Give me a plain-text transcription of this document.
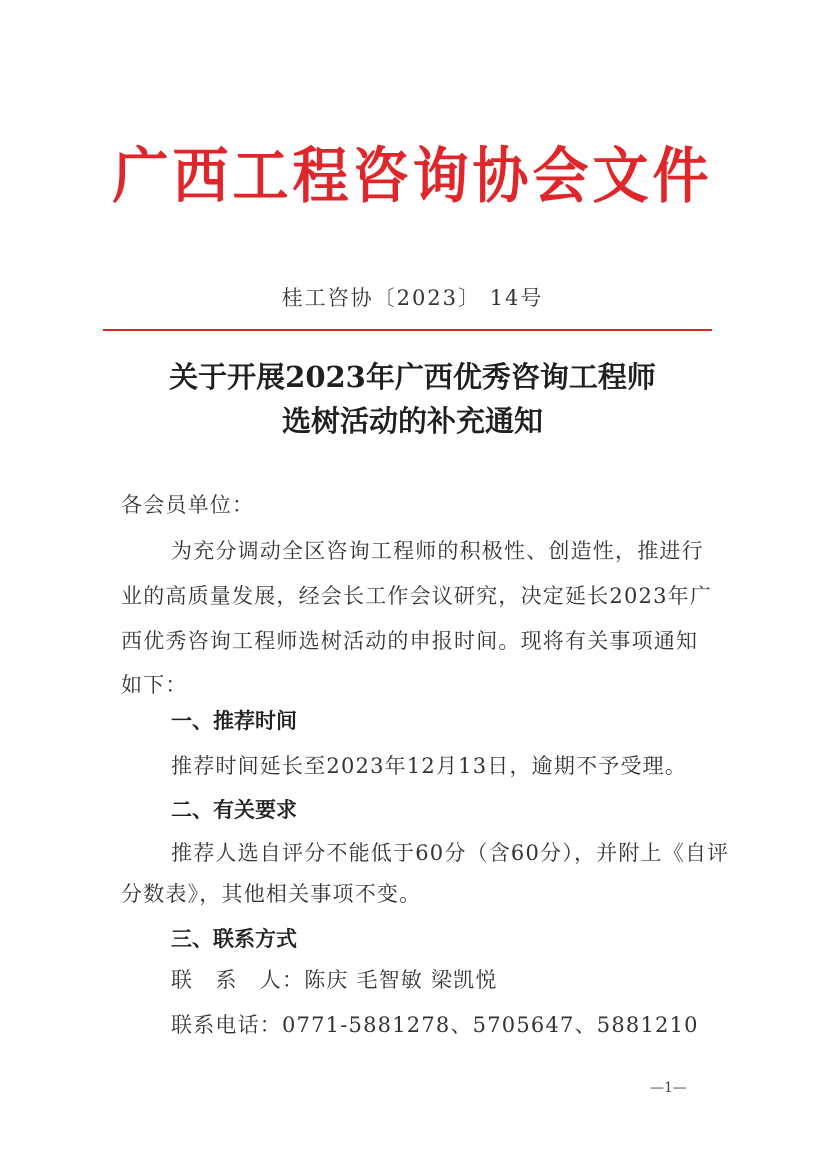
广西工程咨询协会文件
桂工咨协〔2023〕 14号
关于开展2023年广西优秀咨询工程师
选树活动的补充通知
各会员单位：
为充分调动全区咨询工程师的积极性、创造性，推进行
业的高质量发展，经会长工作会议研究，决定延长2023年广
西优秀咨询工程师选树活动的申报时间。现将有关事项通知
如下：
一、推荐时间
推荐时间延长至2023年12月13日，逾期不予受理。
二、有关要求
推荐人选自评分不能低于60分（含60分），并附上《自评
分数表》，其他相关事项不变。
三、联系方式
联　系　人：陈庆 毛智敏 梁凯悦
联系电话：0771-5881278、5705647、5881210
—1—
